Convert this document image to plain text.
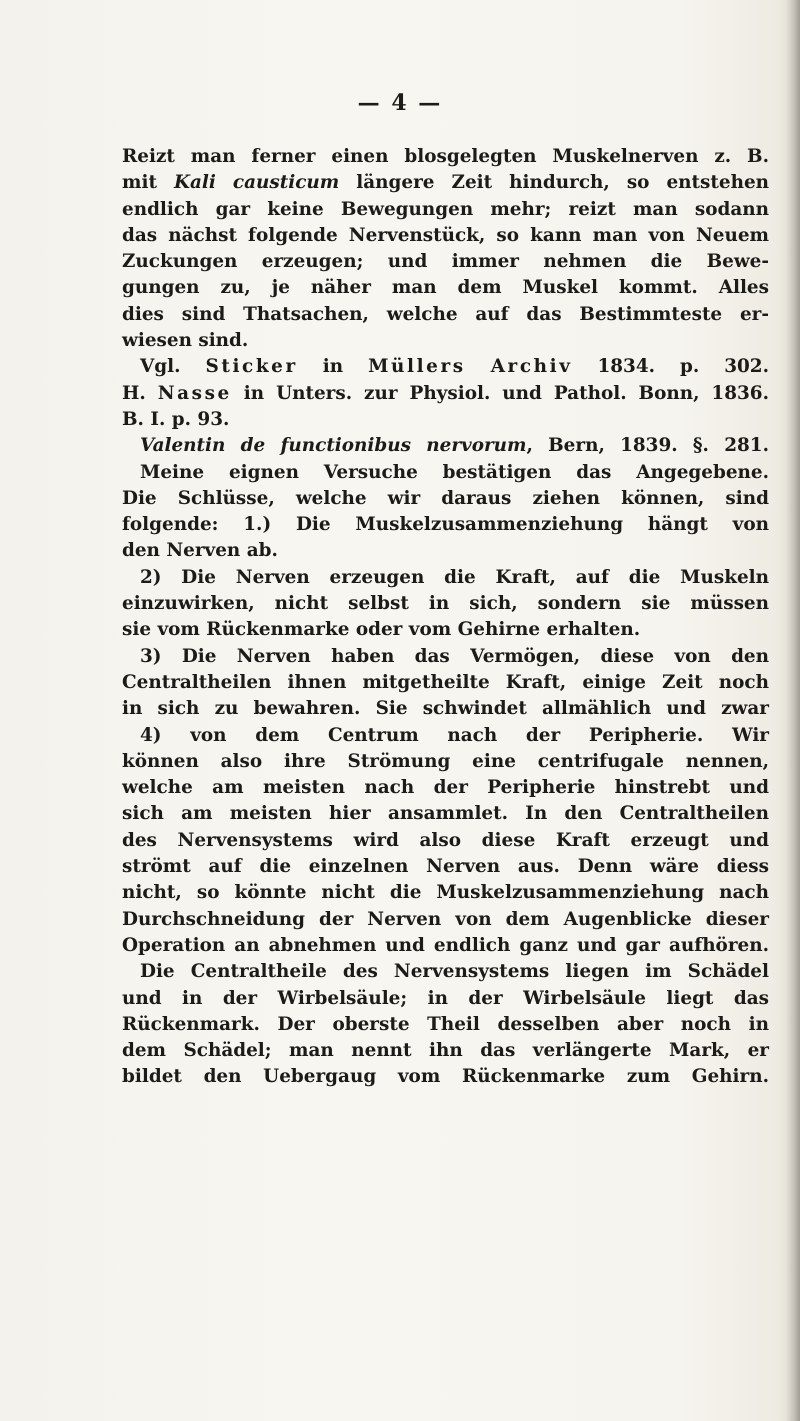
— 4 —
Reizt man ferner einen blosgelegten Muskelnerven z. B.
mit Kali causticum längere Zeit hindurch, so entstehen
endlich gar keine Bewegungen mehr; reizt man sodann
das nächst folgende Nervenstück, so kann man von Neuem
Zuckungen erzeugen; und immer nehmen die Bewe-
gungen zu, je näher man dem Muskel kommt. Alles
dies sind Thatsachen, welche auf das Bestimmteste er-
wiesen sind.
Vgl. Sticker in Müllers Archiv 1834. p. 302.
H. Nasse in Unters. zur Physiol. und Pathol. Bonn, 1836.
B. I. p. 93.
Valentin de functionibus nervorum, Bern, 1839. §. 281.
Meine eignen Versuche bestätigen das Angegebene.
Die Schlüsse, welche wir daraus ziehen können, sind
folgende: 1.) Die Muskelzusammenziehung hängt von
den Nerven ab.
2) Die Nerven erzeugen die Kraft, auf die Muskeln
einzuwirken, nicht selbst in sich, sondern sie müssen
sie vom Rückenmarke oder vom Gehirne erhalten.
3) Die Nerven haben das Vermögen, diese von den
Centraltheilen ihnen mitgetheilte Kraft, einige Zeit noch
in sich zu bewahren. Sie schwindet allmählich und zwar
4) von dem Centrum nach der Peripherie. Wir
können also ihre Strömung eine centrifugale nennen,
welche am meisten nach der Peripherie hinstrebt und
sich am meisten hier ansammlet. In den Centraltheilen
des Nervensystems wird also diese Kraft erzeugt und
strömt auf die einzelnen Nerven aus. Denn wäre diess
nicht, so könnte nicht die Muskelzusammenziehung nach
Durchschneidung der Nerven von dem Augenblicke dieser
Operation an abnehmen und endlich ganz und gar aufhören.
Die Centraltheile des Nervensystems liegen im Schädel
und in der Wirbelsäule; in der Wirbelsäule liegt das
Rückenmark. Der oberste Theil desselben aber noch in
dem Schädel; man nennt ihn das verlängerte Mark, er
bildet den Uebergaug vom Rückenmarke zum Gehirn.
